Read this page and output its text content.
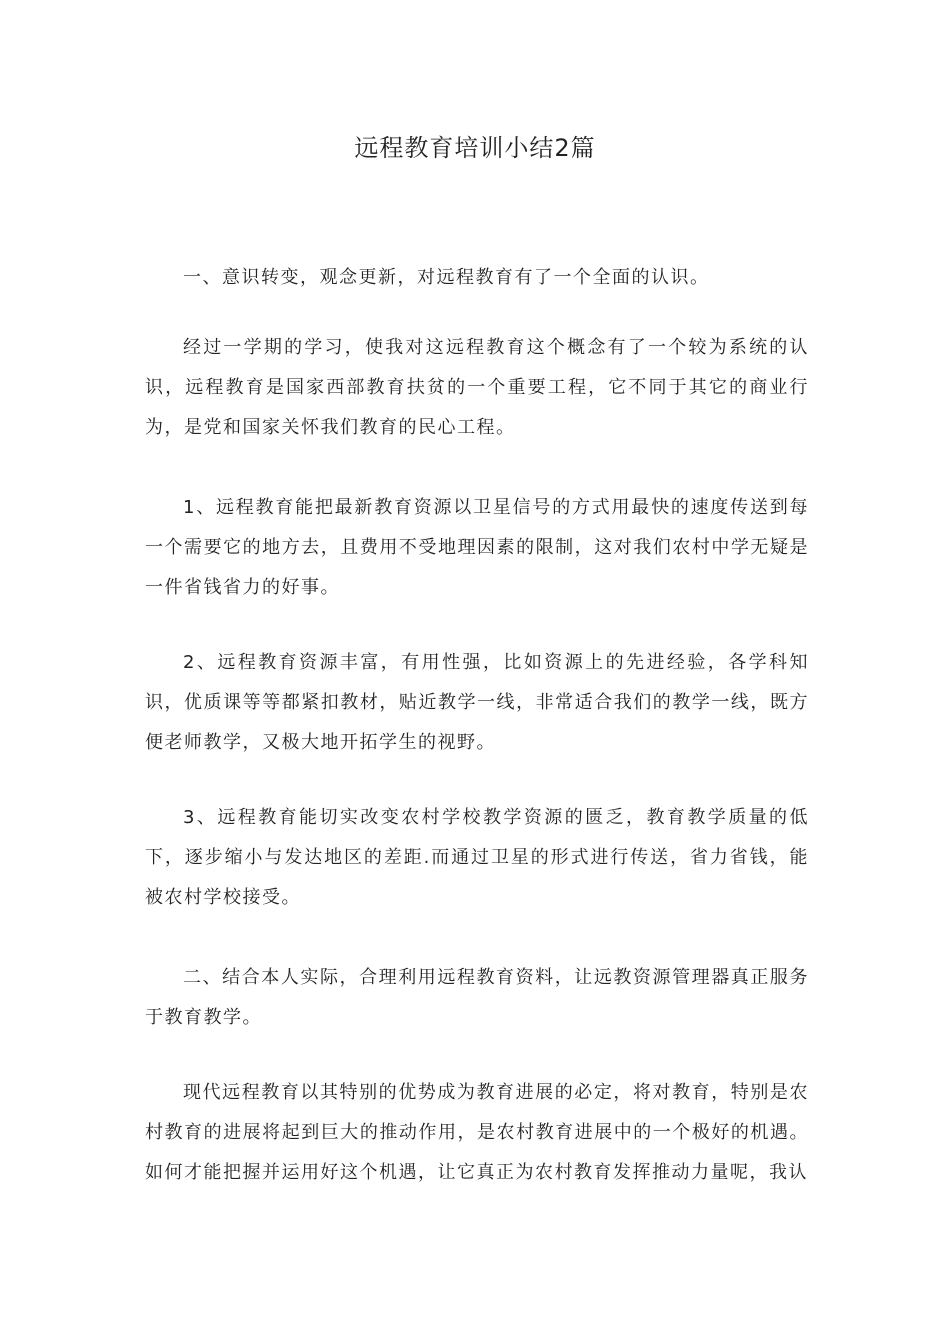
远程教育培训小结2篇

一、意识转变，观念更新，对远程教育有了一个全面的认识。

经过一学期的学习，使我对这远程教育这个概念有了一个较为系统的认识，远程教育是国家西部教育扶贫的一个重要工程，它不同于其它的商业行为，是党和国家关怀我们教育的民心工程。

1、远程教育能把最新教育资源以卫星信号的方式用最快的速度传送到每一个需要它的地方去，且费用不受地理因素的限制，这对我们农村中学无疑是一件省钱省力的好事。

2、远程教育资源丰富，有用性强，比如资源上的先进经验，各学科知识，优质课等等都紧扣教材，贴近教学一线，非常适合我们的教学一线，既方便老师教学，又极大地开拓学生的视野。

3、远程教育能切实改变农村学校教学资源的匮乏，教育教学质量的低下，逐步缩小与发达地区的差距.而通过卫星的形式进行传送，省力省钱，能被农村学校接受。

二、结合本人实际，合理利用远程教育资料，让远教资源管理器真正服务于教育教学。

现代远程教育以其特别的优势成为教育进展的必定，将对教育，特别是农村教育的进展将起到巨大的推动作用，是农村教育进展中的一个极好的机遇。如何才能把握并运用好这个机遇，让它真正为农村教育发挥推动力量呢，我认
